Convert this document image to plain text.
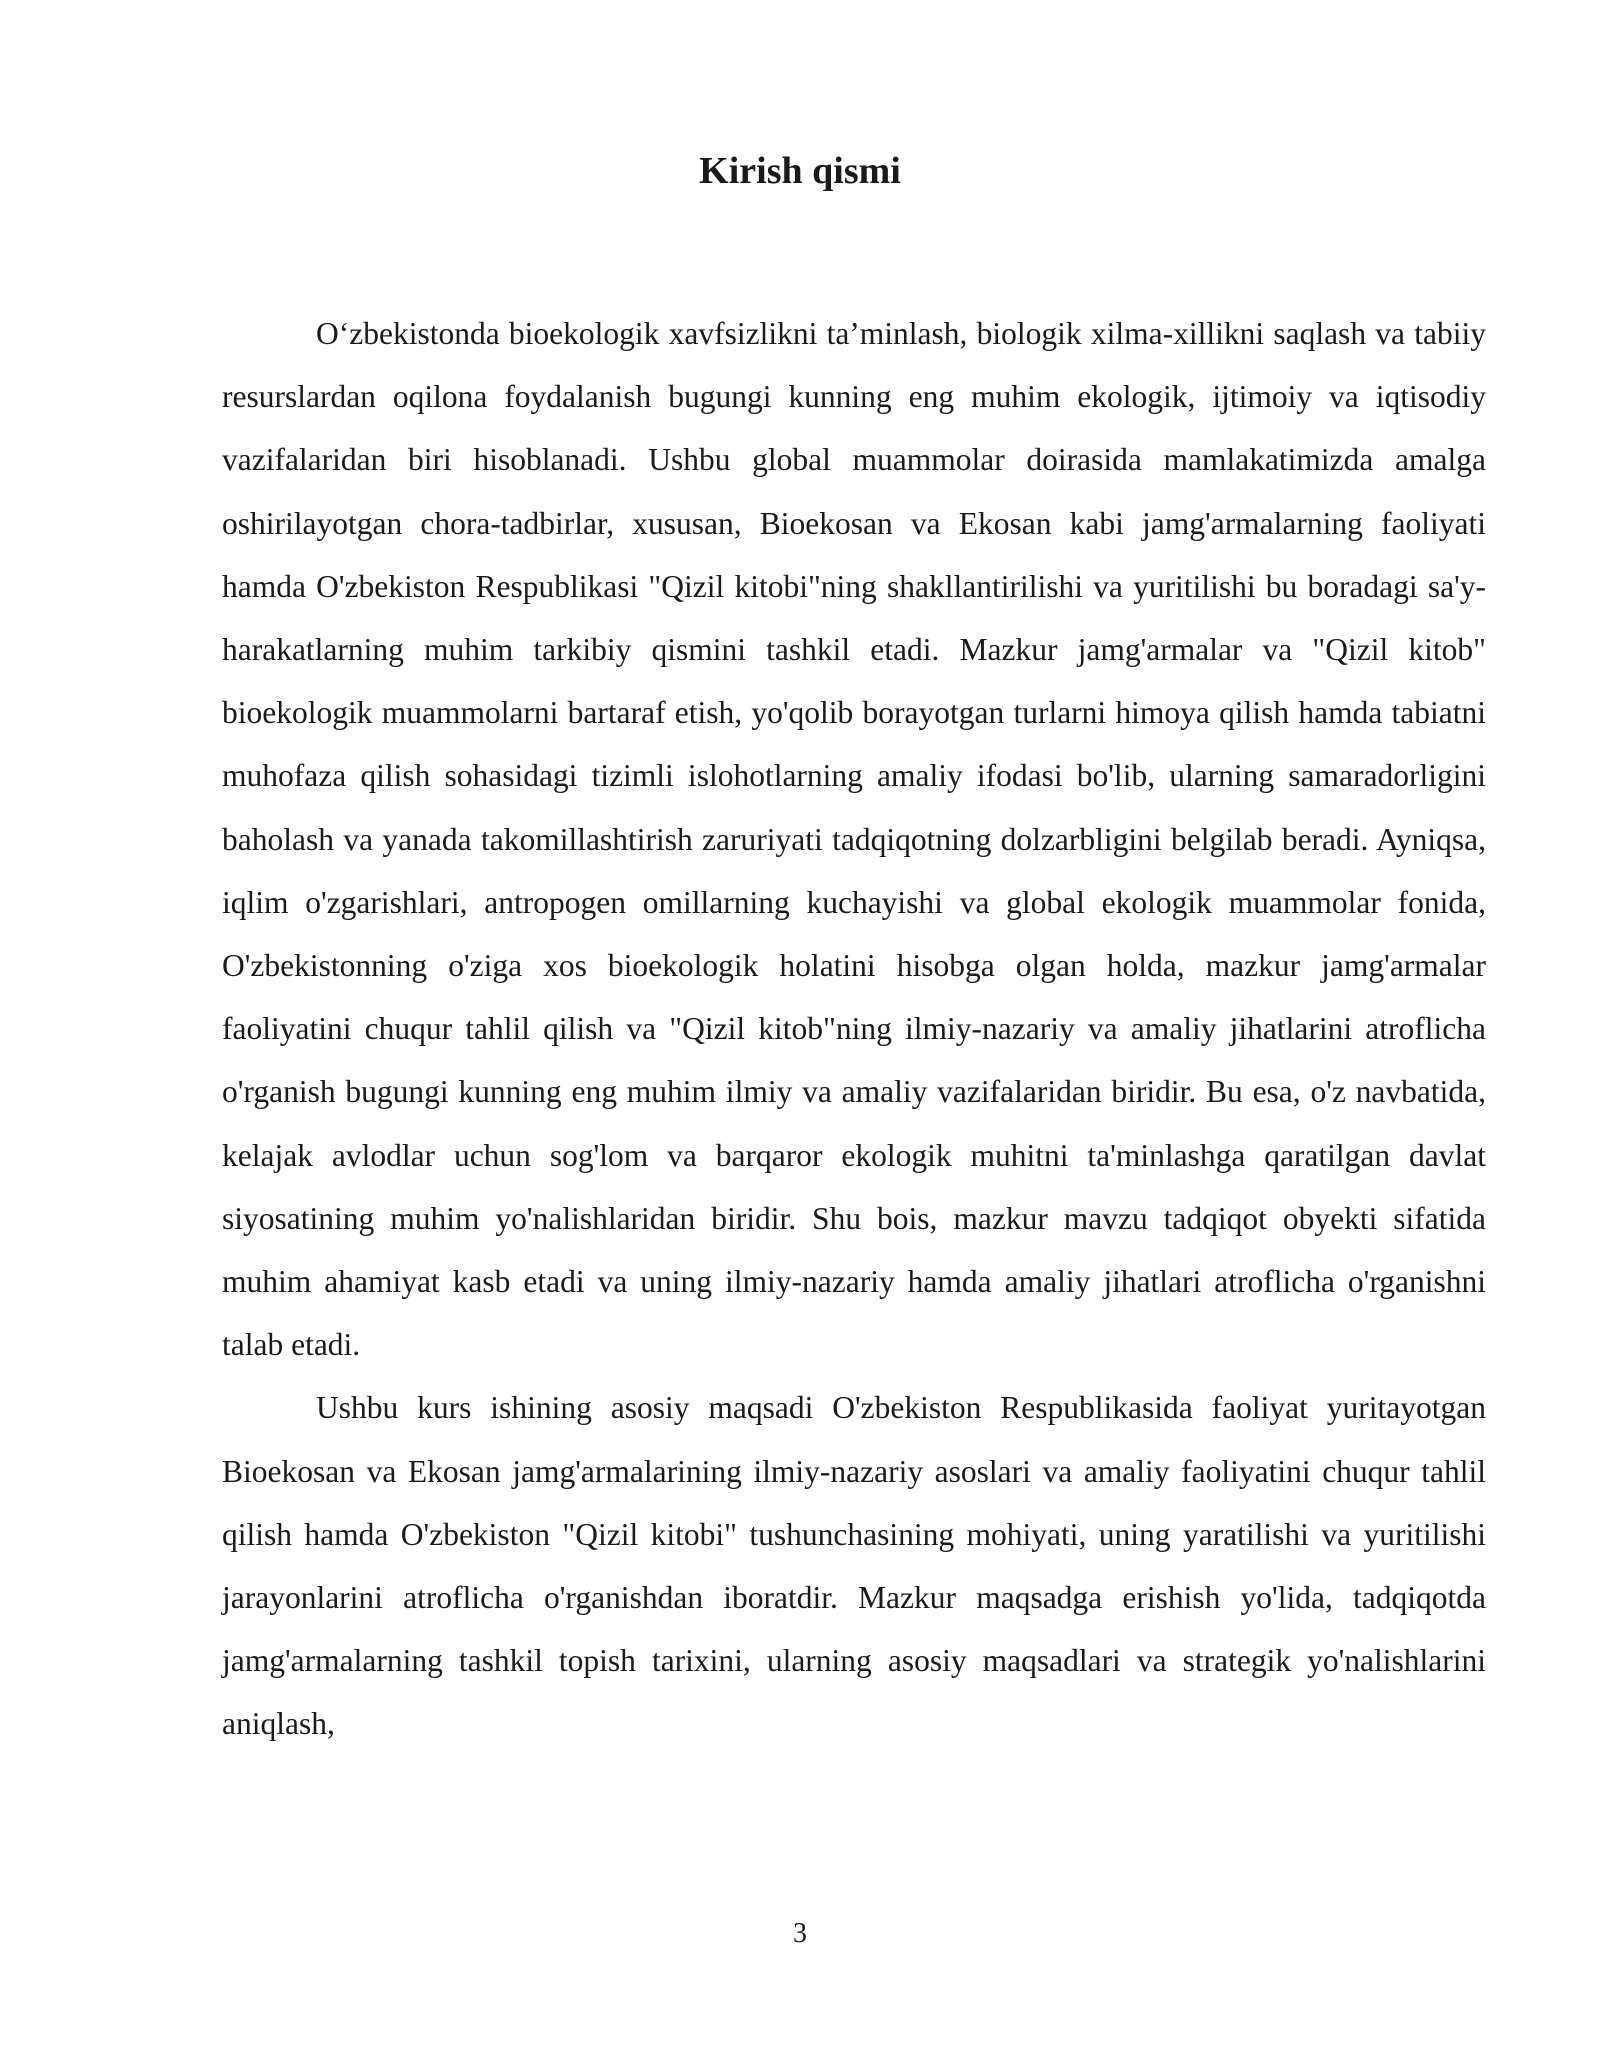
Kirish qismi

O‘zbekistonda bioekologik xavfsizlikni ta’minlash, biologik xilma-xillikni saqlash va tabiiy resurslardan oqilona foydalanish bugungi kunning eng muhim ekologik, ijtimoiy va iqtisodiy vazifalaridan biri hisoblanadi. Ushbu global muammolar doirasida mamlakatimizda amalga oshirilayotgan chora-tadbirlar, xususan, Bioekosan va Ekosan kabi jamg'armalarning faoliyati hamda O'zbekiston Respublikasi "Qizil kitobi"ning shakllantirilishi va yuritilishi bu boradagi sa'y-harakatlarning muhim tarkibiy qismini tashkil etadi. Mazkur jamg'armalar va "Qizil kitob" bioekologik muammolarni bartaraf etish, yo'qolib borayotgan turlarni himoya qilish hamda tabiatni muhofaza qilish sohasidagi tizimli islohotlarning amaliy ifodasi bo'lib, ularning samaradorligini baholash va yanada takomillashtirish zaruriyati tadqiqotning dolzarbligini belgilab beradi. Ayniqsa, iqlim o'zgarishlari, antropogen omillarning kuchayishi va global ekologik muammolar fonida, O'zbekistonning o'ziga xos bioekologik holatini hisobga olgan holda, mazkur jamg'armalar faoliyatini chuqur tahlil qilish va "Qizil kitob"ning ilmiy-nazariy va amaliy jihatlarini atroflicha o'rganish bugungi kunning eng muhim ilmiy va amaliy vazifalaridan biridir. Bu esa, o'z navbatida, kelajak avlodlar uchun sog'lom va barqaror ekologik muhitni ta'minlashga qaratilgan davlat siyosatining muhim yo'nalishlaridan biridir. Shu bois, mazkur mavzu tadqiqot obyekti sifatida muhim ahamiyat kasb etadi va uning ilmiy-nazariy hamda amaliy jihatlari atroflicha o'rganishni talab etadi.

Ushbu kurs ishining asosiy maqsadi O'zbekiston Respublikasida faoliyat yuritayotgan Bioekosan va Ekosan jamg'armalarining ilmiy-nazariy asoslari va amaliy faoliyatini chuqur tahlil qilish hamda O'zbekiston "Qizil kitobi" tushunchasining mohiyati, uning yaratilishi va yuritilishi jarayonlarini atroflicha o'rganishdan iboratdir. Mazkur maqsadga erishish yo'lida, tadqiqotda jamg'armalarning tashkil topish tarixini, ularning asosiy maqsadlari va strategik yo'nalishlarini aniqlash,

3
